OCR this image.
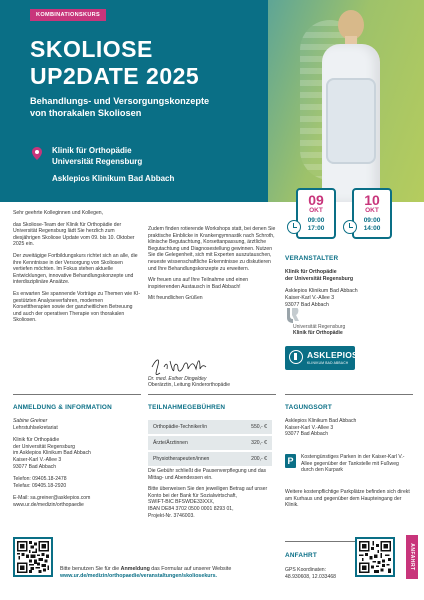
KOMBINATIONSKURS
SKOLIOSE
UP2DATE 2025
Behandlungs- und Versorgungskonzepte
von thorakalen Skoliosen
Klinik für Orthopädie
Universität Regensburg
Asklepios Klinikum Bad Abbach
09
OKT
09:00
17:00
10
OKT
09:00
14:00

Sehr geehrte Kolleginnen und Kollegen,

das Skoliose-Team der Klinik für Orthopädie der Universität Regensburg lädt Sie herzlich zum diesjährigen Skoliose Update vom 09. bis 10. Oktober 2025 ein.

Der zweitägige Fortbildungskurs richtet sich an alle, die ihre Kenntnisse in der Versorgung von Skoliosen vertiefen möchten. Im Fokus stehen aktuelle Entwicklungen, innovative Behandlungskonzepte und interdisziplinäre Ansätze.

Es erwarten Sie spannende Vorträge zu Themen wie KI-gestützten Analyseverfahren, modernen Korsetttherapien sowie der ganzheitlichen Betreuung und auch der operativen Therapie von thorakalen Skoliosen.

Zudem finden rotierende Workshops statt, bei denen Sie praktische Einblicke in Krankengymnastik nach Schroth, klinische Begutachtung, Korsettanpassung, ärztliche Begutachtung und Diagnosestellung gewinnen. Nutzen Sie die Gelegenheit, sich mit Experten auszutauschen, neueste wissenschaftliche Erkenntnisse zu diskutieren und Ihre Behandlungskonzepte zu erweitern.

Wir freuen uns auf Ihre Teilnahme und einen inspirierenden Austausch in Bad Abbach!

Mit freundlichen Grüßen

Dr. med. Esther Dingeldey
Oberärztin, Leitung Kinderorthopädie
VERANSTALTER
Klinik für Orthopädie
der Universität Regensburg
Asklepios Klinikum Bad Abbach
Kaiser-Karl V.-Allee 3
93077 Bad Abbach
Universität Regensburg
Klinik für Orthopädie
ASKLEPIOS
KLINIKUM BAD ABBACH
ANMELDUNG & INFORMATION

Sabine Greiner
Lehrstuhlsekretariat

Klinik für Orthopädie
der Universität Regensburg
im Asklepios Klinikum Bad Abbach
Kaiser-Karl V.-Allee 3
93077 Bad Abbach

Telefon: 09405.18-2478
Telefax: 09405.18-2920

E-Mail: sa.greiner@asklepios.com
www.ur.de/medizin/orthopaedie

TEILNAHMEGEBÜHREN
Orthopädie-Techniker/in	550,- €
Ärzte/Ärztinnen	320,- €
Physiotherapeuten/innen	200,- €

Die Gebühr schließt die Pausenverpflegung und das Mittag- und Abendessen ein.

Bitte überweisen Sie den jeweiligen Betrag auf unser Konto bei der Bank für Sozialwirtschaft,
SWIFT-BIC BFSWDE33XXX,
IBAN DE84 3702 0500 0001 8293 01,
Projekt-Nr. 3746003.

TAGUNGSORT
Asklepios Klinikum Bad Abbach
Kaiser-Karl V.-Allee 3
93077 Bad Abbach
P	Kostengünstiges Parken in der Kaiser-Karl V.-Allee gegenüber der Tankstelle mit Fußweg durch den Kurpark
Weitere kostenpflichtige Parkplätze befinden sich direkt am Kurhaus und gegenüber dem Haupteingang der Klinik.
ANFAHRT
GPS Koordinaten:
48.930608, 12.033468
ANFAHRT
Bitte benutzen Sie für die Anmeldung das Formular auf unserer Website
www.ur.de/medizin/orthopaedie/veranstaltungen/skoliosekurs.
